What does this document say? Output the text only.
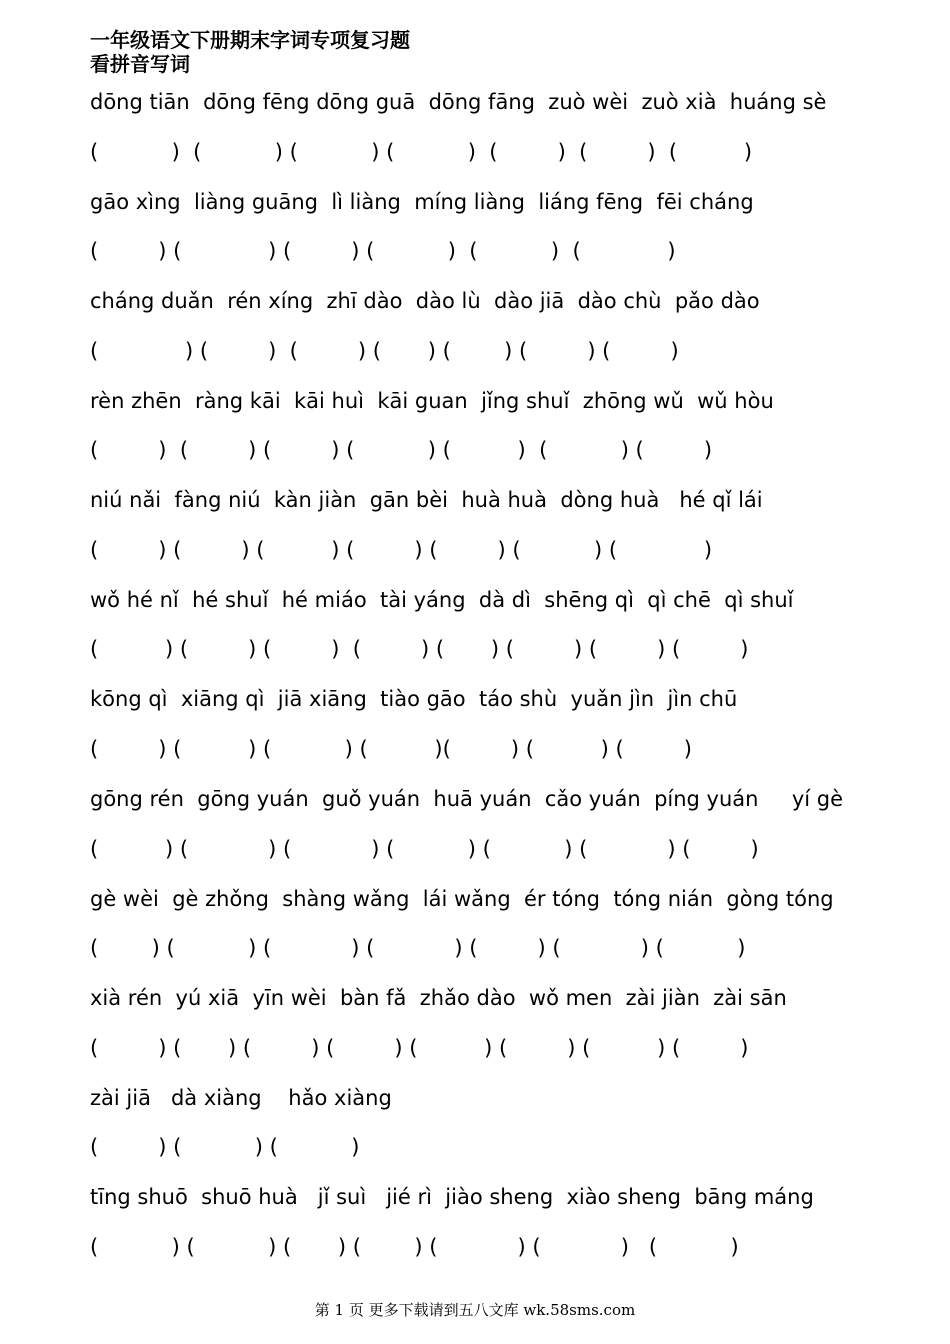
一年级语文下册期末字词专项复习题
看拼音写词
dōng tiān  dōng fēng dōng guā  dōng fāng  zuò wèi  zuò xià  huáng sè
(           )  (           ) (           ) (           )  (         )  (         )  (          )
gāo xìng  liàng guāng  lì liàng  míng liàng  liáng fēng  fēi cháng
(         ) (             ) (         ) (           )  (           )  (             )
cháng duǎn  rén xíng  zhī dào  dào lù  dào jiā  dào chù  pǎo dào
(             ) (         )  (         ) (       ) (        ) (         ) (         )
rèn zhēn  ràng kāi  kāi huì  kāi guan  jǐng shuǐ  zhōng wǔ  wǔ hòu
(         )  (         ) (         ) (           ) (          )  (           ) (         )
niú nǎi  fàng niú  kàn jiàn  gān bèi  huà huà  dòng huà   hé qǐ lái
(         ) (         ) (          ) (         ) (         ) (           ) (             )
wǒ hé nǐ  hé shuǐ  hé miáo  tài yáng  dà dì  shēng qì  qì chē  qì shuǐ
(          ) (         ) (         )  (         ) (       ) (         ) (         ) (         )
kōng qì  xiāng qì  jiā xiāng  tiào gāo  táo shù  yuǎn jìn  jìn chū
(         ) (          ) (           ) (          )(         ) (          ) (         )
gōng rén  gōng yuán  guǒ yuán  huā yuán  cǎo yuán  píng yuán     yí gè
(          ) (            ) (            ) (           ) (           ) (            ) (         )
gè wèi  gè zhǒng  shàng wǎng  lái wǎng  ér tóng  tóng nián  gòng tóng
(        ) (           ) (            ) (            ) (         ) (            ) (           )
xià rén  yú xiā  yīn wèi  bàn fǎ  zhǎo dào  wǒ men  zài jiàn  zài sān
(         ) (       ) (         ) (         ) (          ) (         ) (          ) (         )
zài jiā   dà xiàng    hǎo xiàng
(         ) (           ) (           )
tīng shuō  shuō huà   jǐ suì   jié rì  jiào sheng  xiào sheng  bāng máng
(           ) (           ) (       ) (        ) (            ) (            )   (           )
第 1 页 更多下载请到五八文库 wk.58sms.com
